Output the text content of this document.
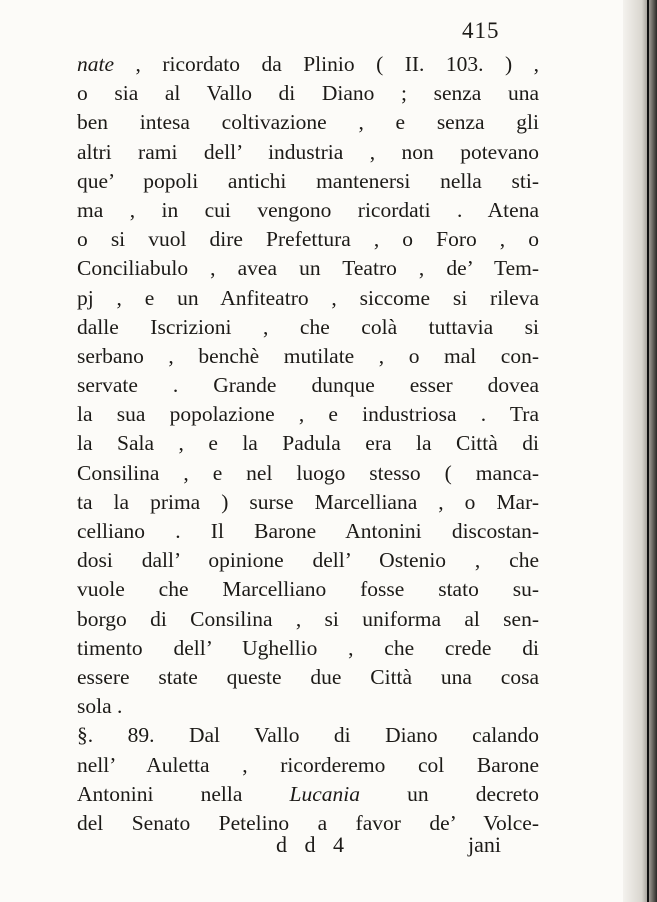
415
nate , ricordato da Plinio ( II. 103. ) ,
o sia al Vallo di Diano ; senza una
ben intesa coltivazione , e senza gli
altri rami dell’ industria , non potevano
que’ popoli antichi mantenersi nella sti-
ma , in cui vengono ricordati . Atena
o si vuol dire Prefettura , o Foro , o
Conciliabulo , avea un Teatro , de’ Tem-
pj , e un Anfiteatro , siccome si rileva
dalle Iscrizioni , che colà tuttavia si
serbano , benchè mutilate , o mal con-
servate . Grande dunque esser dovea
la sua popolazione , e industriosa . Tra
la Sala , e la Padula era la Città di
Consilina , e nel luogo stesso ( manca-
ta la prima ) surse Marcelliana , o Mar-
celliano . Il Barone Antonini discostan-
dosi dall’ opinione dell’ Ostenio , che
vuole che Marcelliano fosse stato su-
borgo di Consilina , si uniforma al sen-
timento dell’ Ughellio , che crede di
essere state queste due Città una cosa
sola .
§. 89. Dal Vallo di Diano calando
nell’ Auletta , ricorderemo col Barone
Antonini nella Lucania un decreto
del Senato Petelino a favor de’ Volce-
d d 4	jani
